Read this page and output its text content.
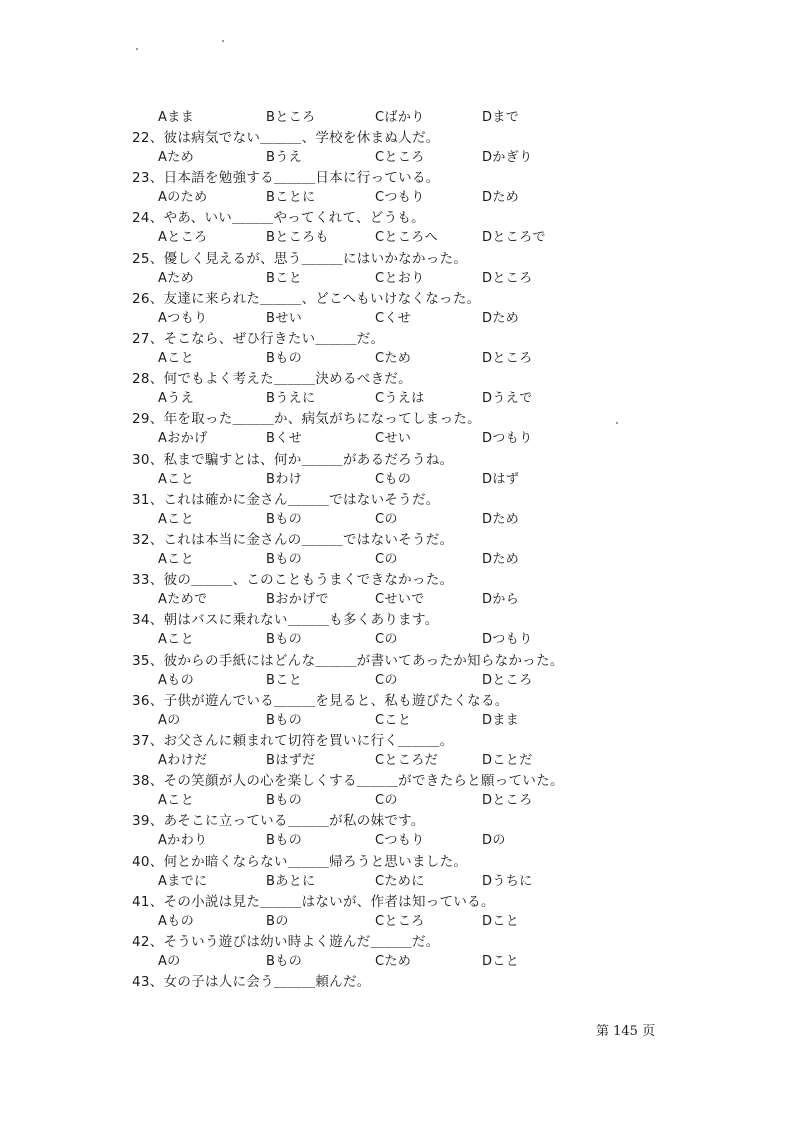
Aまま	Bところ	Cばかり	Dまで
22、彼は病気でない＿＿＿、学校を休まぬ人だ。
Aため	Bうえ	Cところ	Dかぎり
23、日本語を勉強する＿＿＿日本に行っている。
Aのため	Bことに	Cつもり	Dため
24、やあ、いい＿＿＿やってくれて、どうも。
Aところ	Bところも	Cところへ	Dところで
25、優しく見えるが、思う＿＿＿にはいかなかった。
Aため	Bこと	Cとおり	Dところ
26、友達に来られた＿＿＿、どこへもいけなくなった。
Aつもり	Bせい	Cくせ	Dため
27、そこなら、ぜひ行きたい＿＿＿だ。
Aこと	Bもの	Cため	Dところ
28、何でもよく考えた＿＿＿決めるべきだ。
Aうえ	Bうえに	Cうえは	Dうえで
29、年を取った＿＿＿か、病気がちになってしまった。
Aおかげ	Bくせ	Cせい	Dつもり
30、私まで騙すとは、何か＿＿＿があるだろうね。
Aこと	Bわけ	Cもの	Dはず
31、これは確かに金さん＿＿＿ではないそうだ。
Aこと	Bもの	Cの	Dため
32、これは本当に金さんの＿＿＿ではないそうだ。
Aこと	Bもの	Cの	Dため
33、彼の＿＿＿、このこともうまくできなかった。
Aためで	Bおかげで	Cせいで	Dから
34、朝はバスに乗れない＿＿＿も多くあります。
Aこと	Bもの	Cの	Dつもり
35、彼からの手紙にはどんな＿＿＿が書いてあったか知らなかった。
Aもの	Bこと	Cの	Dところ
36、子供が遊んでいる＿＿＿を見ると、私も遊びたくなる。
Aの	Bもの	Cこと	Dまま
37、お父さんに頼まれて切符を買いに行く＿＿＿。
Aわけだ	Bはずだ	Cところだ	Dことだ
38、その笑顔が人の心を楽しくする＿＿＿ができたらと願っていた。
Aこと	Bもの	Cの	Dところ
39、あそこに立っている＿＿＿が私の妹です。
Aかわり	Bもの	Cつもり	Dの
40、何とか暗くならない＿＿＿帰ろうと思いました。
Aまでに	Bあとに	Cために	Dうちに
41、その小説は見た＿＿＿はないが、作者は知っている。
Aもの	Bの	Cところ	Dこと
42、そういう遊びは幼い時よく遊んだ＿＿＿だ。
Aの	Bもの	Cため	Dこと
43、女の子は人に会う＿＿＿頼んだ。
第 145 页
